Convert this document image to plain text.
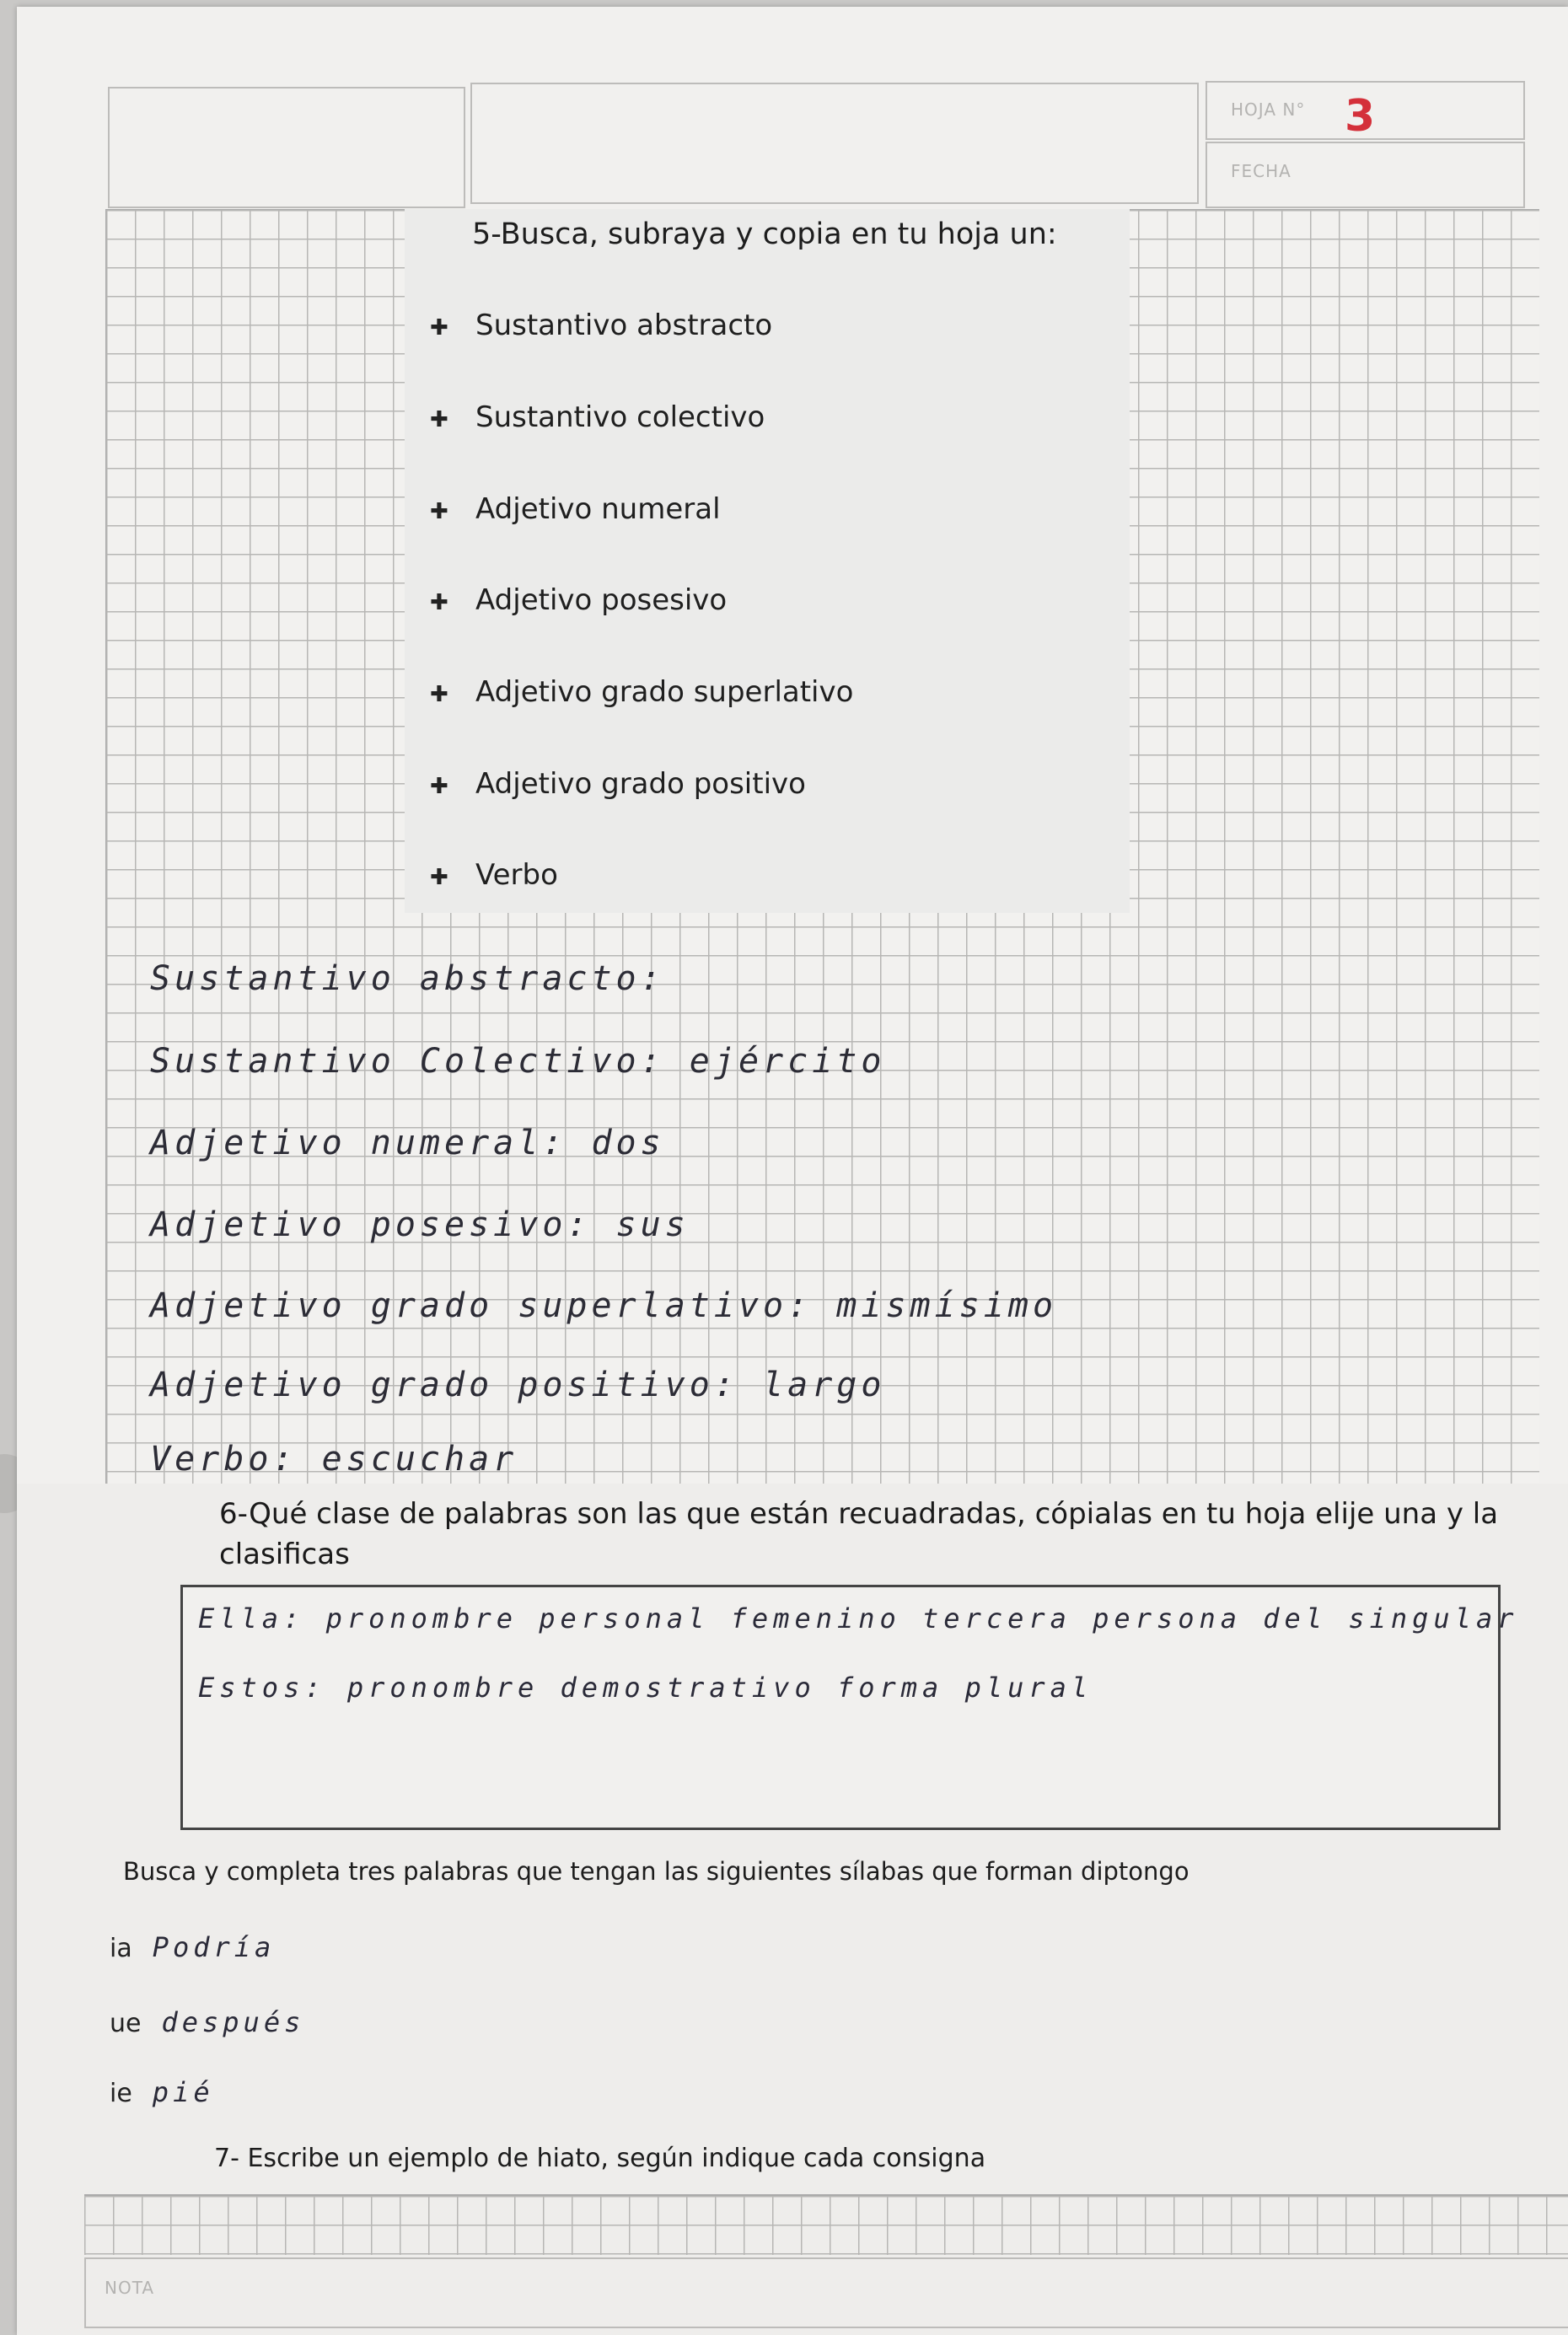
HOJA N° 3
FECHA
5-Busca, subraya y copia en tu hoja un:
✚ Sustantivo abstracto
✚ Sustantivo colectivo
✚ Adjetivo numeral
✚ Adjetivo posesivo
✚ Adjetivo grado superlativo
✚ Adjetivo grado positivo
✚ Verbo
Sustantivo abstracto:
Sustantivo Colectivo: ejército
Adjetivo numeral: dos
Adjetivo posesivo: sus
Adjetivo grado superlativo: mismísimo
Adjetivo grado positivo: largo
Verbo: escuchar
6-Qué clase de palabras son las que están recuadradas, cópialas en tu hoja elije una y la clasificas
Ella: pronombre personal femenino tercera persona del singular
Estos: pronombre demostrativo forma plural
Busca y completa tres palabras que tengan las siguientes sílabas que forman diptongo
ia Podría
ue después
ie pié
7- Escribe un ejemplo de hiato, según indique cada consigna
NOTA
